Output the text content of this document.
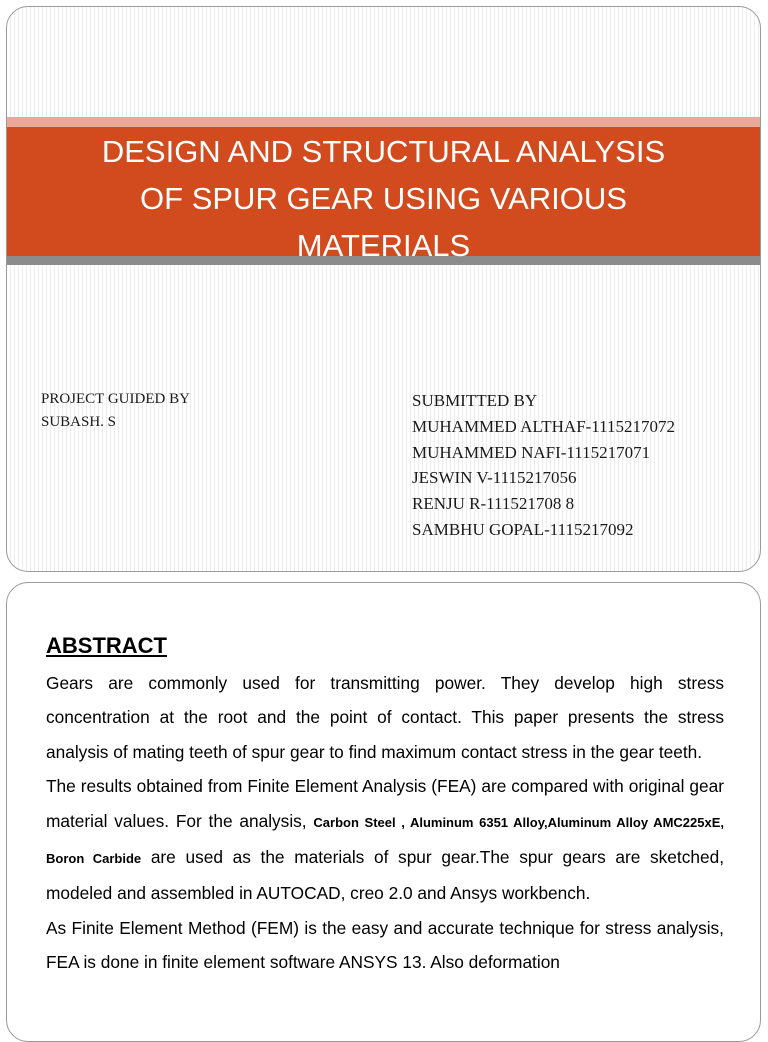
DESIGN AND STRUCTURAL ANALYSIS
OF SPUR GEAR USING VARIOUS
MATERIALS
PROJECT GUIDED BY
SUBASH. S
SUBMITTED BY
MUHAMMED ALTHAF-1115217072
MUHAMMED NAFI-1115217071
JESWIN V-1115217056
RENJU R-111521708 8
SAMBHU GOPAL-1115217092
ABSTRACT

Gears are commonly used for transmitting power. They develop high stress concentration at the root and the point of contact. This paper presents the stress analysis of mating teeth of spur gear to find maximum contact stress in the gear teeth.

The results obtained from Finite Element Analysis (FEA) are compared with original gear material values. For the analysis, Carbon Steel , Aluminum 6351 Alloy,Aluminum Alloy AMC225xE, Boron Carbide are used as the materials of spur gear.The spur gears are sketched, modeled and assembled in AUTOCAD, creo 2.0 and Ansys workbench.

As Finite Element Method (FEM) is the easy and accurate technique for stress analysis, FEA is done in finite element software ANSYS 13. Also deformation
